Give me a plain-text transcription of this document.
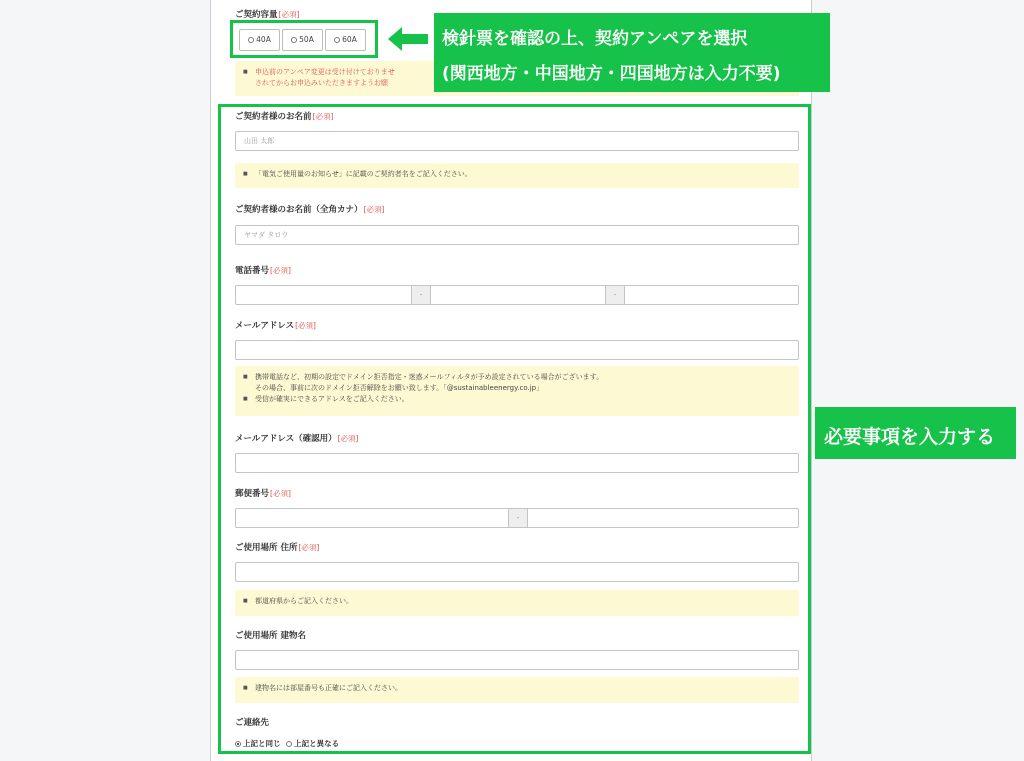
ご契約容量[必須]
40A	50A	60A
■ 申込前のアンペア変更は受け付けておりませ
されてからお申込みいただきますようお願
ご契約者様のお名前[必須]
山田 太郎
■ 「電気ご使用量のお知らせ」に記載のご契約者名をご記入ください。
ご契約者様のお名前（全角カナ）[必須]
ヤマダ タロウ
電話番号[必須]
-	-
メールアドレス[必須]
■ 携帯電話など、初期の設定でドメイン拒否指定・迷惑メールフィルタが予め設定されている場合がございます。
その場合、事前に次のドメイン拒否解除をお願い致します。「@sustainableenergy.co.jp」
■ 受信が確実にできるアドレスをご記入ください。
メールアドレス（確認用）[必須]
郵便番号[必須]
-
ご使用場所 住所[必須]
■ 都道府県からご記入ください。
ご使用場所 建物名
■ 建物名には部屋番号も正確にご記入ください。
ご連絡先
上記と同じ 上記と異なる
検針票を確認の上、契約アンペアを選択
(関西地方・中国地方・四国地方は入力不要)
必要事項を入力する
